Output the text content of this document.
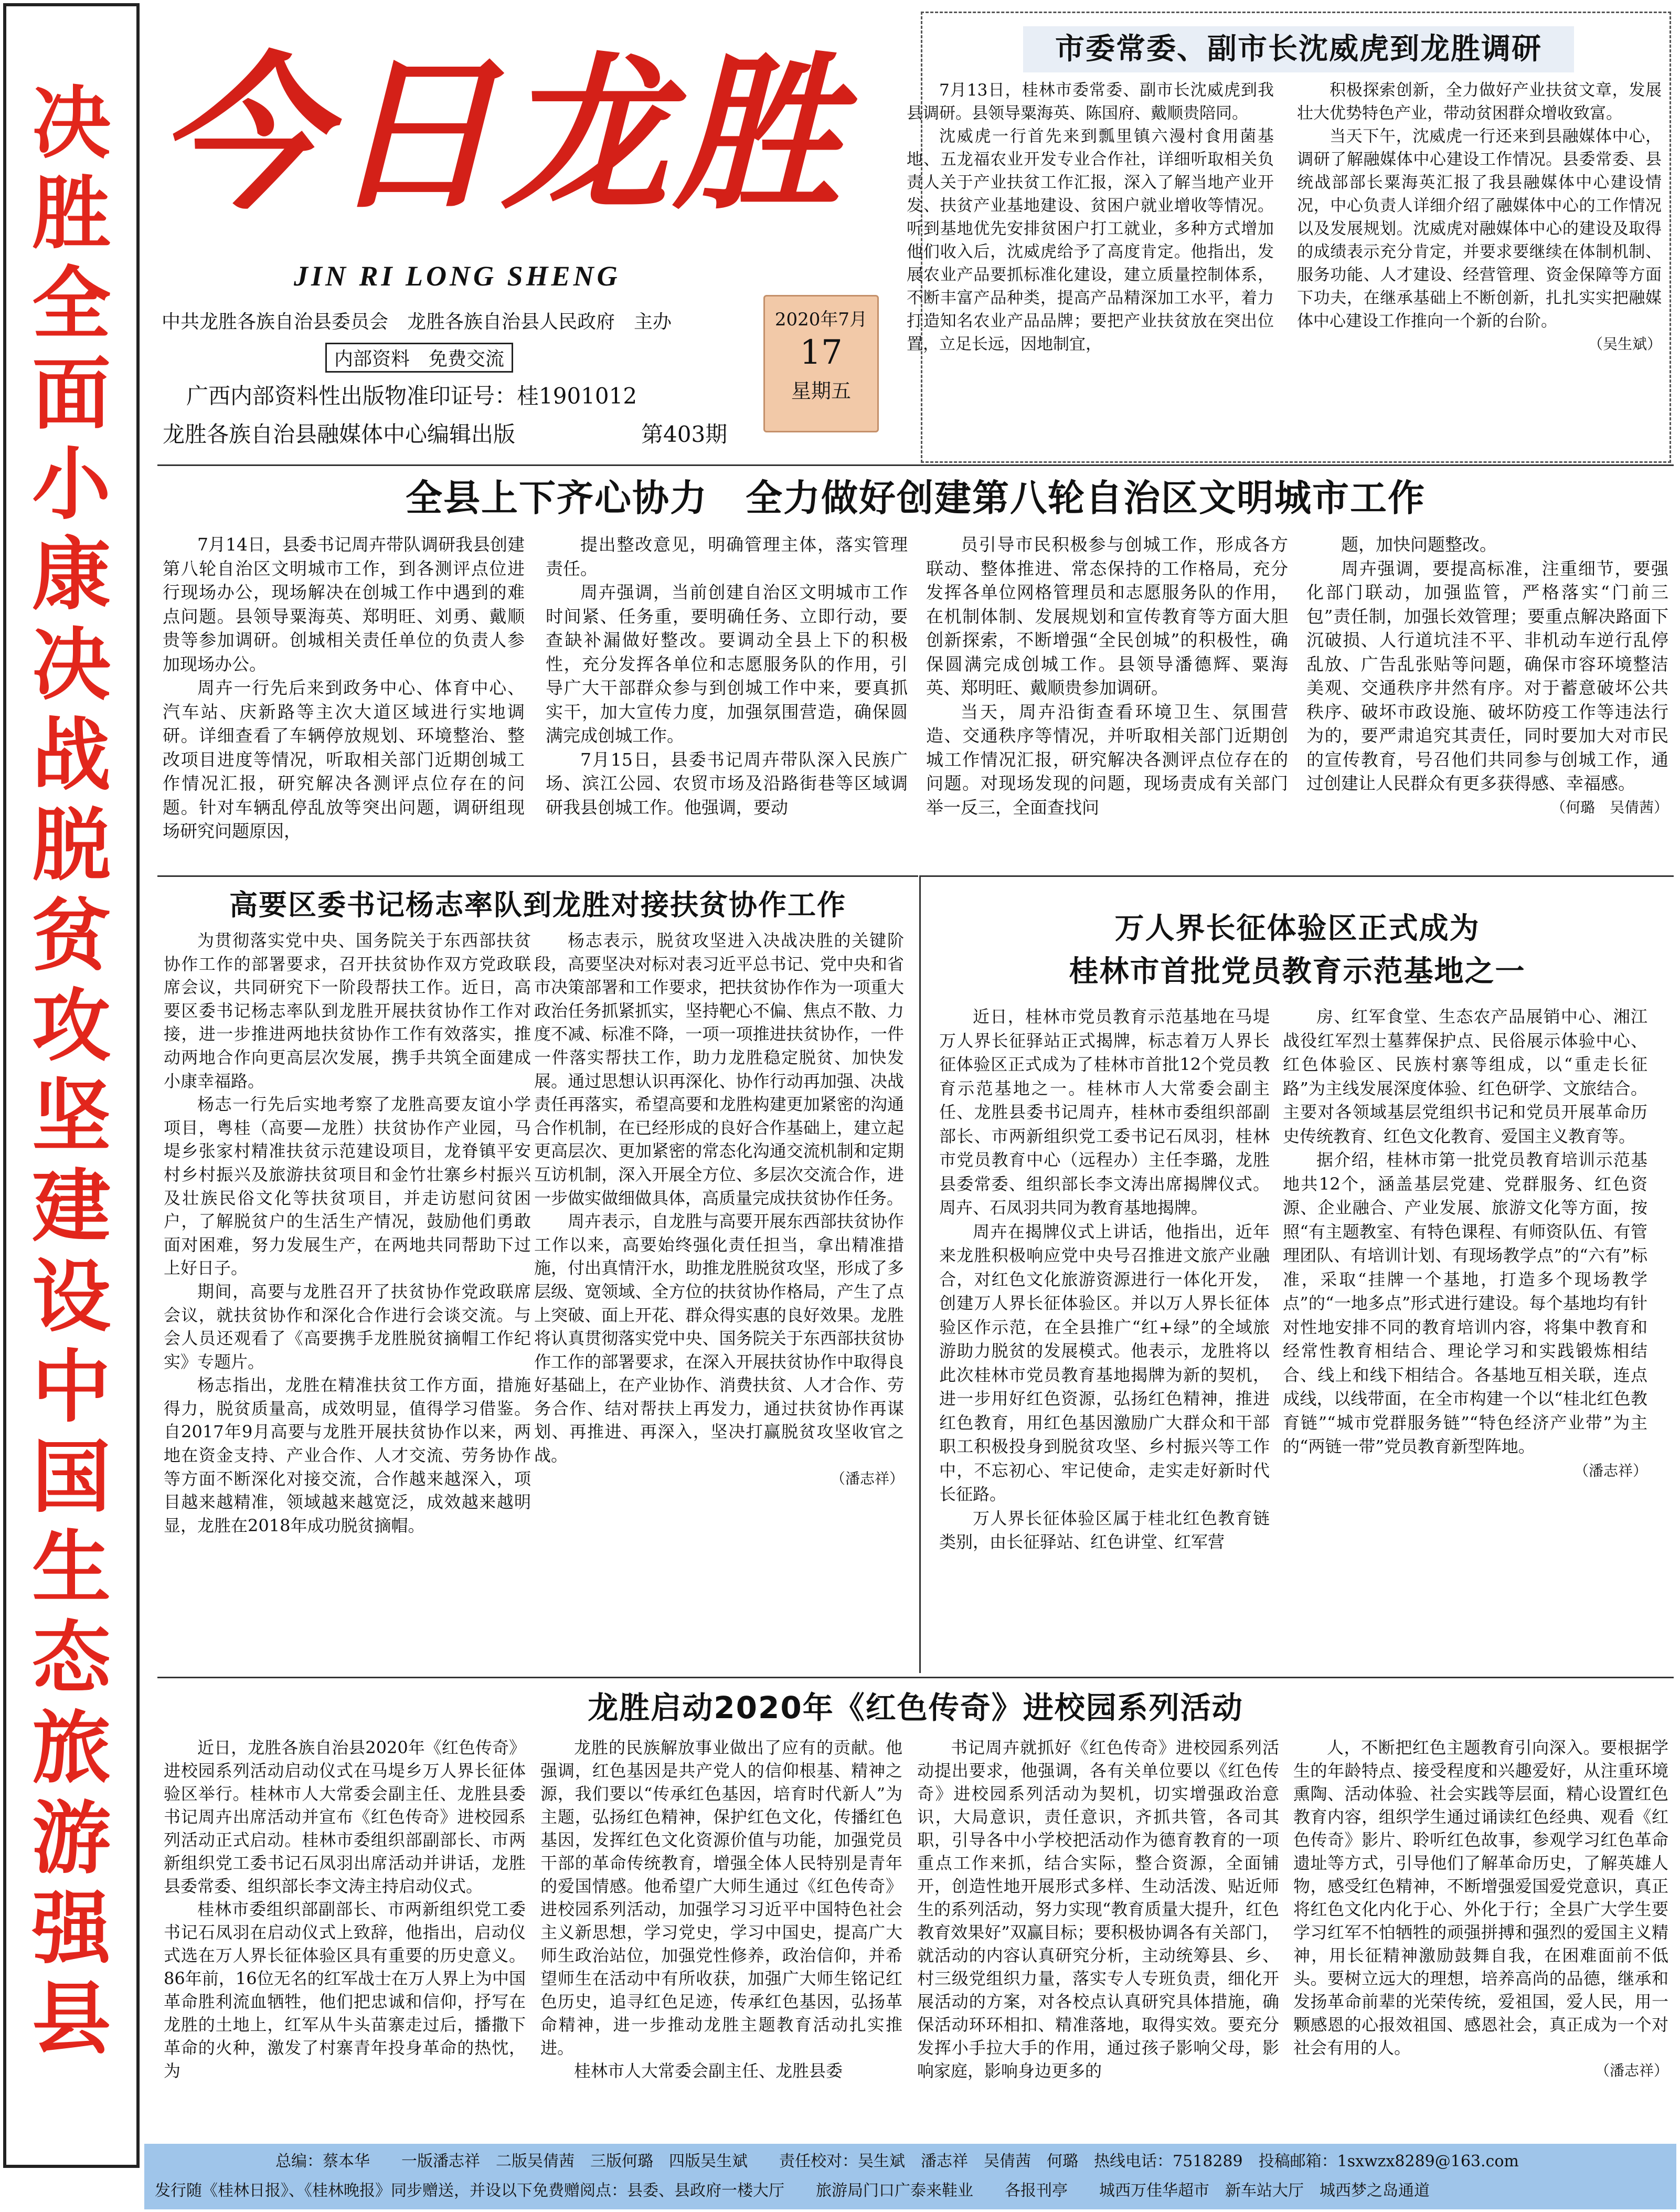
决胜全面小康 决战脱贫攻坚 建设中国生态旅游强县
今日龙胜
JIN RI LONG SHENG
中共龙胜各族自治县委员会　龙胜各族自治县人民政府　主办
内部资料　免费交流
广西内部资料性出版物准印证号：桂1901012
龙胜各族自治县融媒体中心编辑出版	第403期
2020年7月
17
星期五
市委常委、副市长沈威虎到龙胜调研

7月13日，桂林市委常委、副市长沈威虎到我县调研。县领导粟海英、陈国府、戴顺贵陪同。

沈威虎一行首先来到瓢里镇六漫村食用菌基地、五龙福农业开发专业合作社，详细听取相关负责人关于产业扶贫工作汇报，深入了解当地产业开发、扶贫产业基地建设、贫困户就业增收等情况。听到基地优先安排贫困户打工就业，多种方式增加他们收入后，沈威虎给予了高度肯定。他指出，发展农业产品要抓标准化建设，建立质量控制体系，不断丰富产品种类，提高产品精深加工水平，着力打造知名农业产品品牌；要把产业扶贫放在突出位置，立足长远，因地制宜，

积极探索创新，全力做好产业扶贫文章，发展壮大优势特色产业，带动贫困群众增收致富。

当天下午，沈威虎一行还来到县融媒体中心，调研了解融媒体中心建设工作情况。县委常委、县统战部部长粟海英汇报了我县融媒体中心建设情况，中心负责人详细介绍了融媒体中心的工作情况以及发展规划。沈威虎对融媒体中心的建设及取得的成绩表示充分肯定，并要求要继续在体制机制、服务功能、人才建设、经营管理、资金保障等方面下功夫，在继承基础上不断创新，扎扎实实把融媒体中心建设工作推向一个新的台阶。

（吴生斌）

全县上下齐心协力　全力做好创建第八轮自治区文明城市工作

7月14日，县委书记周卉带队调研我县创建第八轮自治区文明城市工作，到各测评点位进行现场办公，现场解决在创城工作中遇到的难点问题。县领导粟海英、郑明旺、刘勇、戴顺贵等参加调研。创城相关责任单位的负责人参加现场办公。

周卉一行先后来到政务中心、体育中心、汽车站、庆新路等主次大道区域进行实地调研。详细查看了车辆停放规划、环境整治、整改项目进度等情况，听取相关部门近期创城工作情况汇报，研究解决各测评点位存在的问题。针对车辆乱停乱放等突出问题，调研组现场研究问题原因，

提出整改意见，明确管理主体，落实管理责任。

周卉强调，当前创建自治区文明城市工作时间紧、任务重，要明确任务、立即行动，要查缺补漏做好整改。要调动全县上下的积极性，充分发挥各单位和志愿服务队的作用，引导广大干部群众参与到创城工作中来，要真抓实干，加大宣传力度，加强氛围营造，确保圆满完成创城工作。

7月15日，县委书记周卉带队深入民族广场、滨江公园、农贸市场及沿路街巷等区域调研我县创城工作。他强调，要动

员引导市民积极参与创城工作，形成各方联动、整体推进、常态保持的工作格局，充分发挥各单位网格管理员和志愿服务队的作用，在机制体制、发展规划和宣传教育等方面大胆创新探索，不断增强“全民创城”的积极性，确保圆满完成创城工作。县领导潘德辉、粟海英、郑明旺、戴顺贵参加调研。

当天，周卉沿街查看环境卫生、氛围营造、交通秩序等情况，并听取相关部门近期创城工作情况汇报，研究解决各测评点位存在的问题。对现场发现的问题，现场责成有关部门举一反三，全面查找问

题，加快问题整改。

周卉强调，要提高标准，注重细节，要强化部门联动，加强监管，严格落实“门前三包”责任制，加强长效管理；要重点解决路面下沉破损、人行道坑洼不平、非机动车逆行乱停乱放、广告乱张贴等问题，确保市容环境整洁美观、交通秩序井然有序。对于蓄意破坏公共秩序、破坏市政设施、破坏防疫工作等违法行为的，要严肃追究其责任，同时要加大对市民的宣传教育，号召他们共同参与创城工作，通过创建让人民群众有更多获得感、幸福感。

（何璐　吴倩茜）

高要区委书记杨志率队到龙胜对接扶贫协作工作

为贯彻落实党中央、国务院关于东西部扶贫协作工作的部署要求，召开扶贫协作双方党政联席会议，共同研究下一阶段帮扶工作。近日，高要区委书记杨志率队到龙胜开展扶贫协作工作对接，进一步推进两地扶贫协作工作有效落实，推动两地合作向更高层次发展，携手共筑全面建成小康幸福路。

杨志一行先后实地考察了龙胜高要友谊小学项目，粤桂（高要—龙胜）扶贫协作产业园，马堤乡张家村精准扶贫示范建设项目，龙脊镇平安村乡村振兴及旅游扶贫项目和金竹壮寨乡村振兴及壮族民俗文化等扶贫项目，并走访慰问贫困户，了解脱贫户的生活生产情况，鼓励他们勇敢面对困难，努力发展生产，在两地共同帮助下过上好日子。

期间，高要与龙胜召开了扶贫协作党政联席会议，就扶贫协作和深化合作进行会谈交流。与会人员还观看了《高要携手龙胜脱贫摘帽工作纪实》专题片。

杨志指出，龙胜在精准扶贫工作方面，措施得力，脱贫质量高，成效明显，值得学习借鉴。自2017年9月高要与龙胜开展扶贫协作以来，两地在资金支持、产业合作、人才交流、劳务协作等方面不断深化对接交流，合作越来越深入，项目越来越精准，领域越来越宽泛，成效越来越明显，龙胜在2018年成功脱贫摘帽。

杨志表示，脱贫攻坚进入决战决胜的关键阶段，高要坚决对标对表习近平总书记、党中央和省市决策部署和工作要求，把扶贫协作作为一项重大政治任务抓紧抓实，坚持靶心不偏、焦点不散、力度不减、标准不降，一项一项推进扶贫协作，一件一件落实帮扶工作，助力龙胜稳定脱贫、加快发展。通过思想认识再深化、协作行动再加强、决战责任再落实，希望高要和龙胜构建更加紧密的沟通合作机制，在已经形成的良好合作基础上，建立起更高层次、更加紧密的常态化沟通交流机制和定期互访机制，深入开展全方位、多层次交流合作，进一步做实做细做具体，高质量完成扶贫协作任务。

周卉表示，自龙胜与高要开展东西部扶贫协作工作以来，高要始终强化责任担当，拿出精准措施，付出真情汗水，助推龙胜脱贫攻坚，形成了多层级、宽领域、全方位的扶贫协作格局，产生了点上突破、面上开花、群众得实惠的良好效果。龙胜将认真贯彻落实党中央、国务院关于东西部扶贫协作工作的部署要求，在深入开展扶贫协作中取得良好基础上，在产业协作、消费扶贫、人才合作、劳务合作、结对帮扶上再发力，通过扶贫协作再谋划、再推进、再深入，坚决打赢脱贫攻坚收官之战。

（潘志祥）

万人界长征体验区正式成为
桂林市首批党员教育示范基地之一

近日，桂林市党员教育示范基地在马堤万人界长征驿站正式揭牌，标志着万人界长征体验区正式成为了桂林市首批12个党员教育示范基地之一。桂林市人大常委会副主任、龙胜县委书记周卉，桂林市委组织部副部长、市两新组织党工委书记石凤羽，桂林市党员教育中心（远程办）主任李璐，龙胜县委常委、组织部长李文涛出席揭牌仪式。周卉、石凤羽共同为教育基地揭牌。

周卉在揭牌仪式上讲话，他指出，近年来龙胜积极响应党中央号召推进文旅产业融合，对红色文化旅游资源进行一体化开发，创建万人界长征体验区。并以万人界长征体验区作示范，在全县推广“红+绿”的全域旅游助力脱贫的发展模式。他表示，龙胜将以此次桂林市党员教育基地揭牌为新的契机，进一步用好红色资源，弘扬红色精神，推进红色教育，用红色基因激励广大群众和干部职工积极投身到脱贫攻坚、乡村振兴等工作中，不忘初心、牢记使命，走实走好新时代长征路。

万人界长征体验区属于桂北红色教育链类别，由长征驿站、红色讲堂、红军营

房、红军食堂、生态农产品展销中心、湘江战役红军烈士墓葬保护点、民俗展示体验中心、红色体验区、民族村寨等组成，以“重走长征路”为主线发展深度体验、红色研学、文旅结合。主要对各领域基层党组织书记和党员开展革命历史传统教育、红色文化教育、爱国主义教育等。

据介绍，桂林市第一批党员教育培训示范基地共12个，涵盖基层党建、党群服务、红色资源、企业融合、产业发展、旅游文化等方面，按照“有主题教室、有特色课程、有师资队伍、有管理团队、有培训计划、有现场教学点”的“六有”标准，采取“挂牌一个基地，打造多个现场教学点”的“一地多点”形式进行建设。每个基地均有针对性地安排不同的教育培训内容，将集中教育和经常性教育相结合、理论学习和实践锻炼相结合、线上和线下相结合。各基地互相关联，连点成线，以线带面，在全市构建一个以“桂北红色教育链”“城市党群服务链”“特色经济产业带”为主的“两链一带”党员教育新型阵地。

（潘志祥）

龙胜启动2020年《红色传奇》进校园系列活动

近日，龙胜各族自治县2020年《红色传奇》进校园系列活动启动仪式在马堤乡万人界长征体验区举行。桂林市人大常委会副主任、龙胜县委书记周卉出席活动并宣布《红色传奇》进校园系列活动正式启动。桂林市委组织部副部长、市两新组织党工委书记石凤羽出席活动并讲话，龙胜县委常委、组织部长李文涛主持启动仪式。

桂林市委组织部副部长、市两新组织党工委书记石凤羽在启动仪式上致辞，他指出，启动仪式选在万人界长征体验区具有重要的历史意义。86年前，16位无名的红军战士在万人界上为中国革命胜利流血牺牲，他们把忠诚和信仰，抒写在龙胜的土地上，红军从牛头苗寨走过后，播撒下革命的火种，激发了村寨青年投身革命的热忱，为

龙胜的民族解放事业做出了应有的贡献。他强调，红色基因是共产党人的信仰根基、精神之源，我们要以“传承红色基因，培育时代新人”为主题，弘扬红色精神，保护红色文化，传播红色基因，发挥红色文化资源价值与功能，加强党员干部的革命传统教育，增强全体人民特别是青年的爱国情感。他希望广大师生通过《红色传奇》进校园系列活动，加强学习习近平中国特色社会主义新思想，学习党史，学习中国史，提高广大师生政治站位，加强党性修养，政治信仰，并希望师生在活动中有所收获，加强广大师生铭记红色历史，追寻红色足迹，传承红色基因，弘扬革命精神，进一步推动龙胜主题教育活动扎实推进。

桂林市人大常委会副主任、龙胜县委

书记周卉就抓好《红色传奇》进校园系列活动提出要求，他强调，各有关单位要以《红色传奇》进校园系列活动为契机，切实增强政治意识，大局意识，责任意识，齐抓共管，各司其职，引导各中小学校把活动作为德育教育的一项重点工作来抓，结合实际，整合资源，全面铺开，创造性地开展形式多样、生动活泼、贴近师生的系列活动，努力实现“教育质量大提升，红色教育效果好”双赢目标；要积极协调各有关部门，就活动的内容认真研究分析，主动统筹县、乡、村三级党组织力量，落实专人专班负责，细化开展活动的方案，对各校点认真研究具体措施，确保活动环环相扣、精准落地，取得实效。要充分发挥小手拉大手的作用，通过孩子影响父母，影响家庭，影响身边更多的

人，不断把红色主题教育引向深入。要根据学生的年龄特点、接受程度和兴趣爱好，从注重环境熏陶、活动体验、社会实践等层面，精心设置红色教育内容，组织学生通过诵读红色经典、观看《红色传奇》影片、聆听红色故事，参观学习红色革命遗址等方式，引导他们了解革命历史，了解英雄人物，感受红色精神，不断增强爱国爱党意识，真正将红色文化内化于心、外化于行；全县广大学生要学习红军不怕牺牲的顽强拼搏和强烈的爱国主义精神，用长征精神激励鼓舞自我，在困难面前不低头。要树立远大的理想，培养高尚的品德，继承和发扬革命前辈的光荣传统，爱祖国，爱人民，用一颗感恩的心报效祖国、感恩社会，真正成为一个对社会有用的人。

（潘志祥）

总编：蔡本华　　一版潘志祥　二版吴倩茜　三版何璐　四版吴生斌　　责任校对：吴生斌　潘志祥　吴倩茜　何璐　热线电话：7518289　投稿邮箱：1sxwzx8289@163.com
发行随《桂林日报》、《桂林晚报》同步赠送，并设以下免费赠阅点：县委、县政府一楼大厅　　旅游局门口广泰来鞋业　　各报刊亭　　城西万佳华超市　新车站大厅　城西梦之岛通道
